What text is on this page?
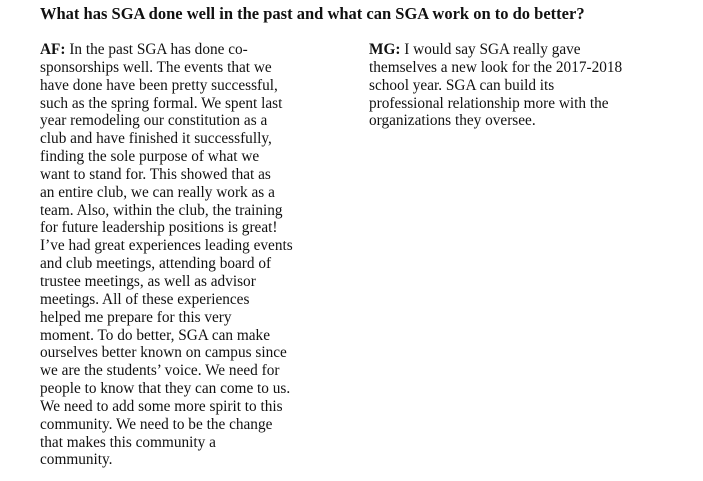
What has SGA done well in the past and what can SGA work on to do better?
AF: In the past SGA has done co-
sponsorships well. The events that we
have done have been pretty successful,
such as the spring formal. We spent last
year remodeling our constitution as a
club and have finished it successfully,
finding the sole purpose of what we
want to stand for. This showed that as
an entire club, we can really work as a
team. Also, within the club, the training
for future leadership positions is great!
I’ve had great experiences leading events
and club meetings, attending board of
trustee meetings, as well as advisor
meetings. All of these experiences
helped me prepare for this very
moment. To do better, SGA can make
ourselves better known on campus since
we are the students’ voice. We need for
people to know that they can come to us.
We need to add some more spirit to this
community. We need to be the change
that makes this community a
community.
MG: I would say SGA really gave
themselves a new look for the 2017-2018
school year. SGA can build its
professional relationship more with the
organizations they oversee.
